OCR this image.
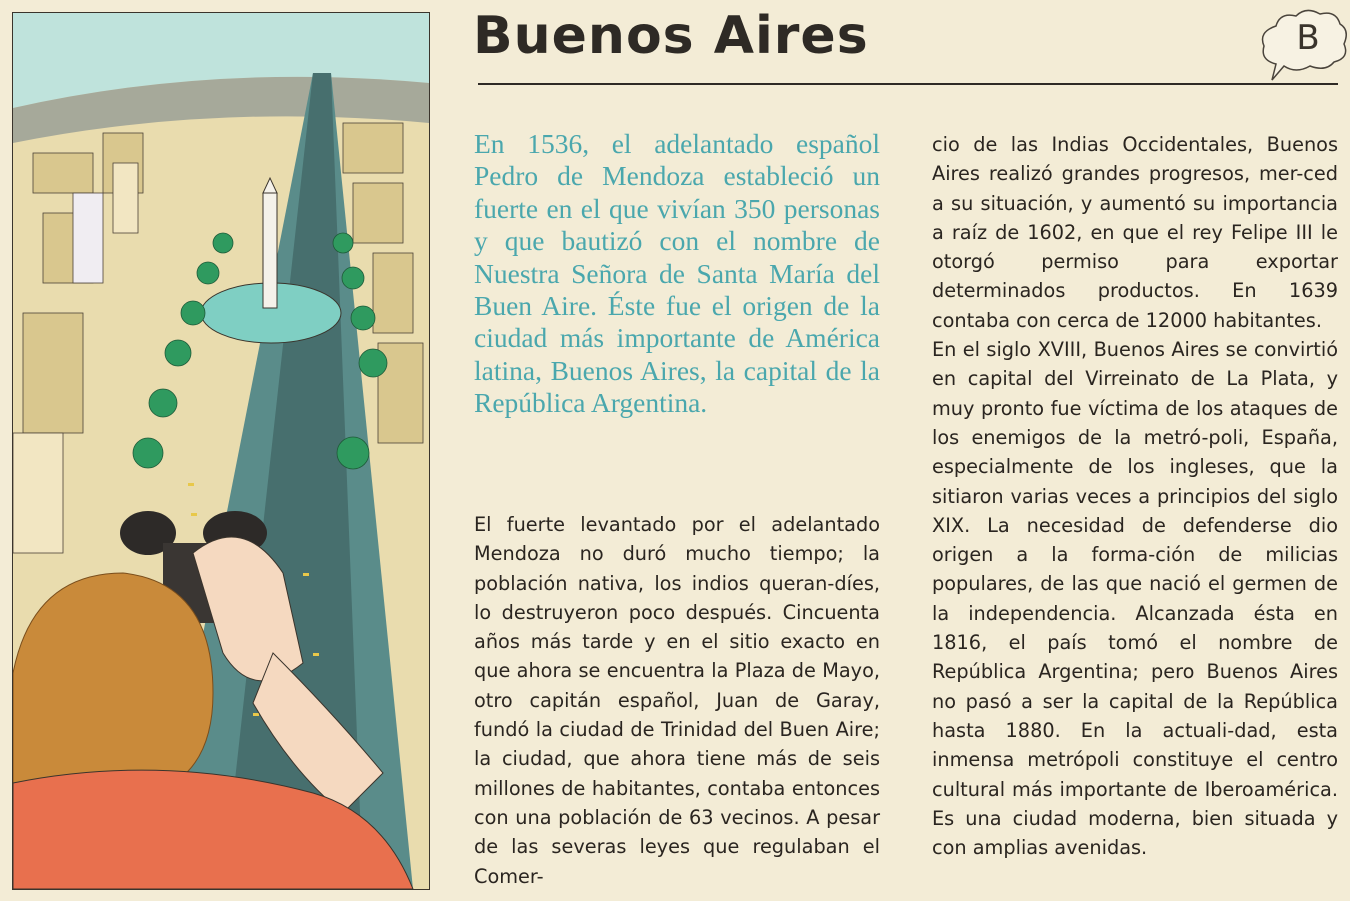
Buenos Aires	B

En 1536, el adelantado español Pedro de Mendoza estableció un fuerte en el que vivían 350 personas y que bautizó con el nombre de Nuestra Señora de Santa María del Buen Aire. Éste fue el origen de la ciudad más importante de América latina, Buenos Aires, la capital de la República Argentina.

El fuerte levantado por el adelantado Mendoza no duró mucho tiempo; la población nativa, los indios queran-díes, lo destruyeron poco después. Cincuenta años más tarde y en el sitio exacto en que ahora se encuentra la Plaza de Mayo, otro capitán español, Juan de Garay, fundó la ciudad de Trinidad del Buen Aire; la ciudad, que ahora tiene más de seis millones de habitantes, contaba entonces con una población de 63 vecinos. A pesar de las severas leyes que regulaban el Comer-

cio de las Indias Occidentales, Buenos Aires realizó grandes progresos, mer-ced a su situación, y aumentó su importancia a raíz de 1602, en que el rey Felipe III le otorgó permiso para exportar determinados productos. En 1639 contaba con cerca de 12000 habitantes.

En el siglo XVIII, Buenos Aires se convirtió en capital del Virreinato de La Plata, y muy pronto fue víctima de los ataques de los enemigos de la metró-poli, España, especialmente de los ingleses, que la sitiaron varias veces a principios del siglo XIX. La necesidad de defenderse dio origen a la forma-ción de milicias populares, de las que nació el germen de la independencia. Alcanzada ésta en 1816, el país tomó el nombre de República Argentina; pero Buenos Aires no pasó a ser la capital de la República hasta 1880. En la actuali-dad, esta inmensa metrópoli constituye el centro cultural más importante de Iberoamérica. Es una ciudad moderna, bien situada y con amplias avenidas.
